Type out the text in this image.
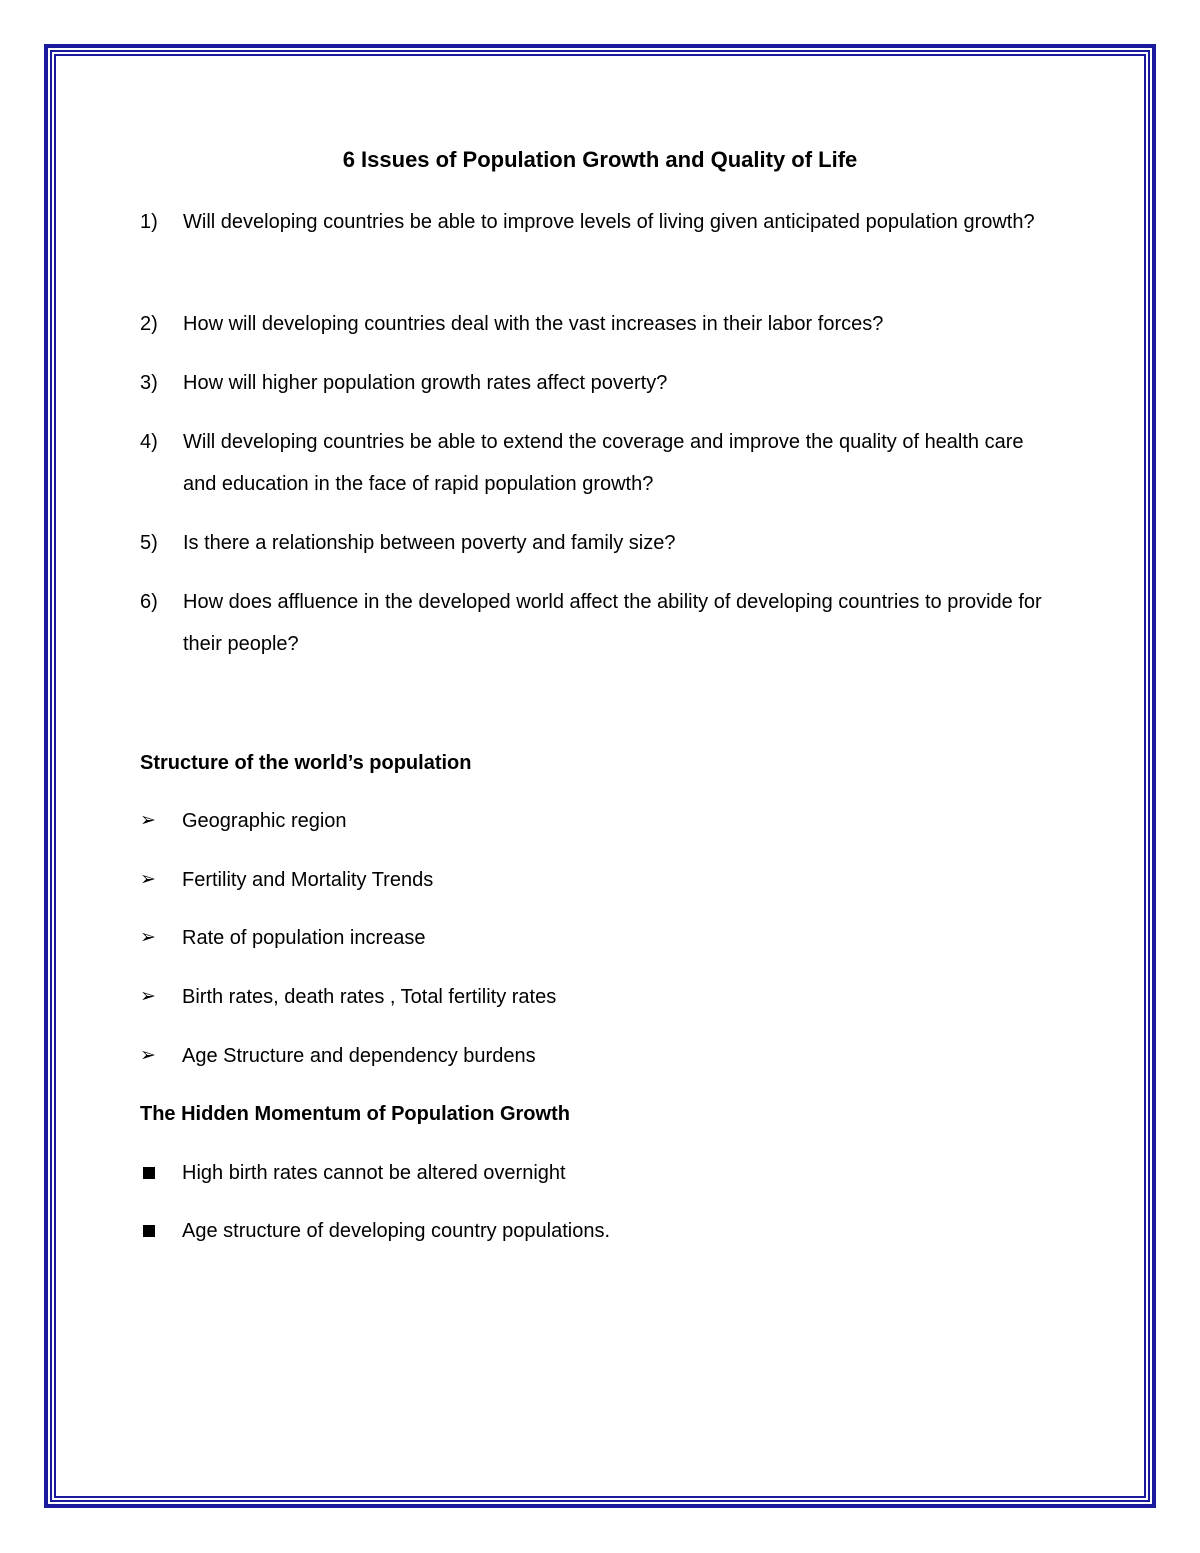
6 Issues of Population Growth and Quality of Life
1)	Will developing countries be able to improve levels of living given anticipated population growth?
2)	How will developing countries deal with the vast increases in their labor forces?
3)	How will higher population growth rates affect poverty?
4)	Will developing countries be able to extend the coverage and improve the quality of health care and education in the face of rapid population growth?
5)	Is there a relationship between poverty and family size?
6)	How does affluence in the developed world affect the ability of developing countries to provide for their people?
Structure of the world’s population
➢ Geographic region
➢ Fertility and Mortality Trends
➢ Rate of population increase
➢ Birth rates, death rates , Total fertility rates
➢ Age Structure and dependency burdens
The Hidden Momentum of Population Growth
High birth rates cannot be altered overnight
Age structure of developing country populations.
